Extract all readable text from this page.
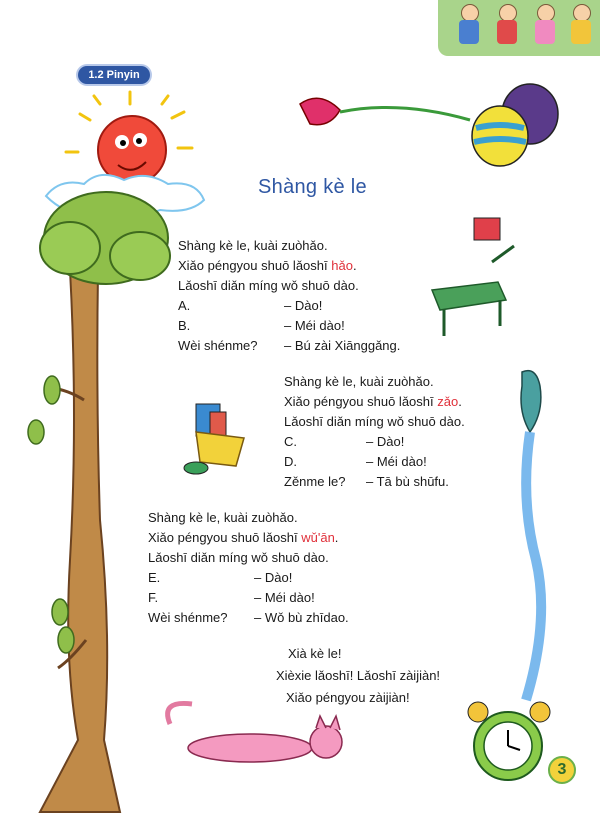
1.2 Pinyin
Shàng kè le
Shàng kè le, kuài zuòhǎo.
Xiǎo péngyou shuō lǎoshī hǎo.
Lǎoshī diǎn míng wǒ shuō dào.
A.	– Dào!
B.	– Méi dào!
Wèi shénme? – Bú zài Xiānggǎng.
Shàng kè le, kuài zuòhǎo.
Xiǎo péngyou shuō lǎoshī zǎo.
Lǎoshī diǎn míng wǒ shuō dào.
C.	– Dào!
D.	– Méi dào!
Zěnme le? – Tā bù shūfu.
Shàng kè le, kuài zuòhǎo.
Xiǎo péngyou shuō lǎoshī wǔ'ān.
Lǎoshī diǎn míng wǒ shuō dào.
E.	– Dào!
F.	– Méi dào!
Wèi shénme? – Wǒ bù zhīdao.
Xià kè le!
Xièxie lǎoshī! Lǎoshī zàijiàn!
Xiǎo péngyou zàijiàn!
3
